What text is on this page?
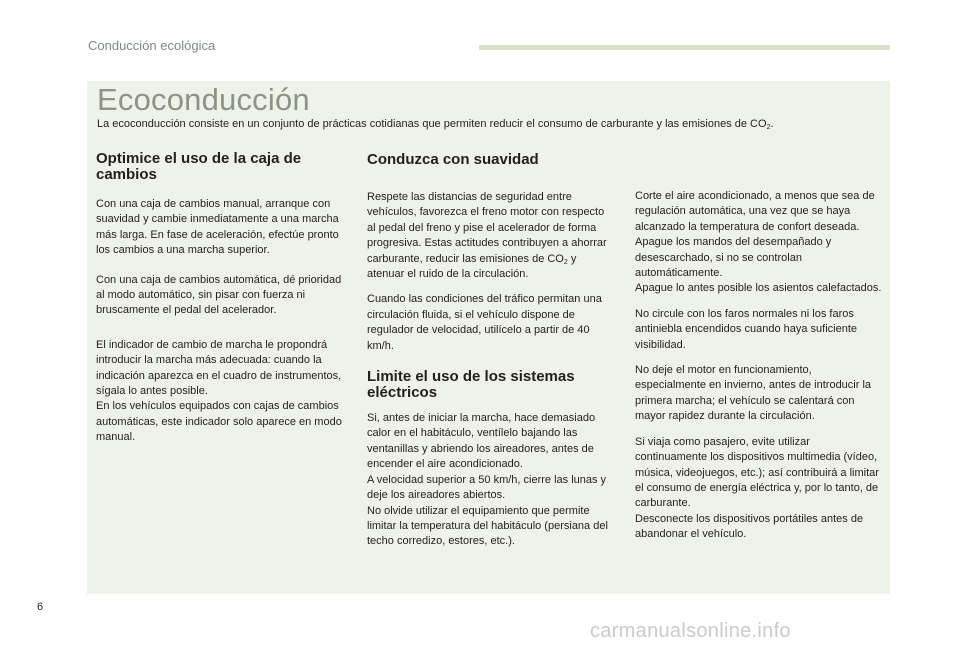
Conducción ecológica
Ecoconducción

La ecoconducción consiste en un conjunto de prácticas cotidianas que permiten reducir el consumo de carburante y las emisiones de $CO_2$.

Optimice el uso de la caja de cambios

Con una caja de cambios manual, arranque con suavidad y cambie inmediatamente a una marcha más larga. En fase de aceleración, efectúe pronto los cambios a una marcha superior.

Con una caja de cambios automática, dé prioridad al modo automático, sin pisar con fuerza ni bruscamente el pedal del acelerador.

El indicador de cambio de marcha le propondrá introducir la marcha más adecuada: cuando la indicación aparezca en el cuadro de instrumentos, sígala lo antes posible.

En los vehículos equipados con cajas de cambios automáticas, este indicador solo aparece en modo manual.

Conduzca con suavidad

Respete las distancias de seguridad entre vehículos, favorezca el freno motor con respecto al pedal del freno y pise el acelerador de forma progresiva. Estas actitudes contribuyen a ahorrar carburante, reducir las emisiones de $CO_2$ y atenuar el ruido de la circulación.

Cuando las condiciones del tráfico permitan una circulación fluida, si el vehículo dispone de regulador de velocidad, utilícelo a partir de 40 km/h.

Limite el uso de los sistemas eléctricos

Si, antes de iniciar la marcha, hace demasiado calor en el habitáculo, ventílelo bajando las ventanillas y abriendo los aireadores, antes de encender el aire acondicionado.

A velocidad superior a 50 km/h, cierre las lunas y deje los aireadores abiertos.

No olvide utilizar el equipamiento que permite limitar la temperatura del habitáculo (persiana del techo corredizo, estores, etc.).

Corte el aire acondicionado, a menos que sea de regulación automática, una vez que se haya alcanzado la temperatura de confort deseada.

Apague los mandos del desempañado y desescarchado, si no se controlan automáticamente.

Apague lo antes posible los asientos calefactados.

No circule con los faros normales ni los faros antiniebla encendidos cuando haya suficiente visibilidad.

No deje el motor en funcionamiento, especialmente en invierno, antes de introducir la primera marcha; el vehículo se calentará con mayor rapidez durante la circulación.

Si viaja como pasajero, evite utilizar continuamente los dispositivos multimedia (vídeo, música, videojuegos, etc.); así contribuirá a limitar el consumo de energía eléctrica y, por lo tanto, de carburante.

Desconecte los dispositivos portátiles antes de abandonar el vehículo.

6
carmanualsonline.info
